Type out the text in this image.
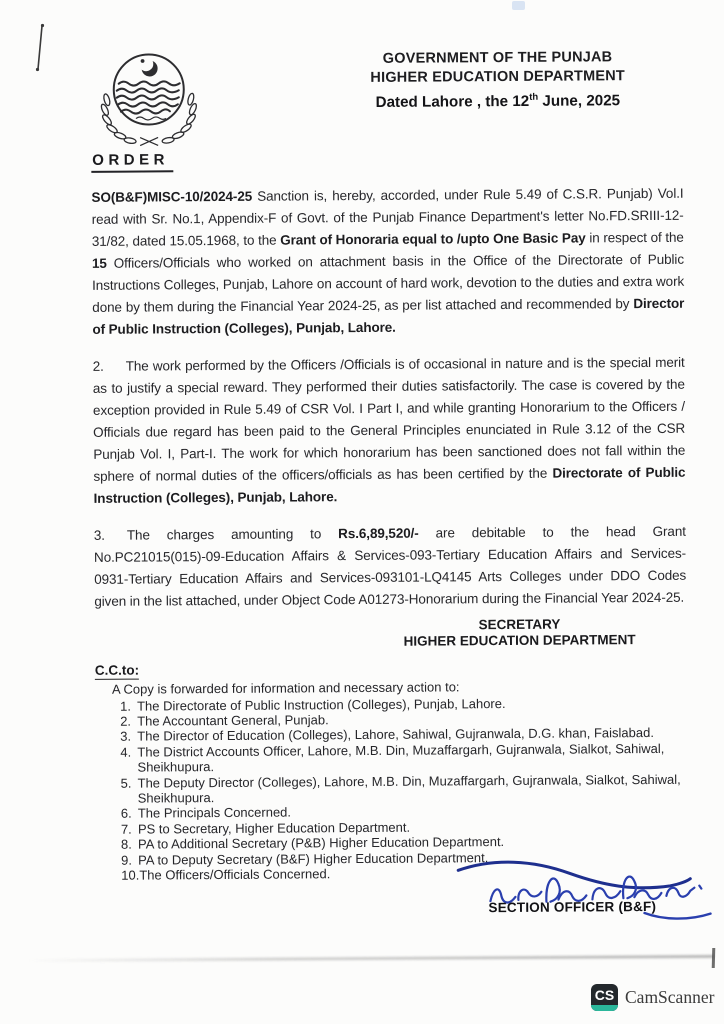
GOVERNMENT OF THE PUNJAB
HIGHER EDUCATION DEPARTMENT
Dated Lahore , the 12th June, 2025
ORDER
SO(B&F)MISC-10/2024-25 Sanction is, hereby, accorded, under Rule 5.49 of C.S.R. Punjab) Vol.I read with Sr. No.1, Appendix-F of Govt. of the Punjab Finance Department's letter No.FD.SRIII-12-31/82, dated 15.05.1968, to the Grant of Honoraria equal to /upto One Basic Pay in respect of the 15 Officers/Officials who worked on attachment basis in the Office of the Directorate of Public Instructions Colleges, Punjab, Lahore on account of hard work, devotion to the duties and extra work done by them during the Financial Year 2024-25, as per list attached and recommended by Director of Public Instruction (Colleges), Punjab, Lahore.
2. The work performed by the Officers /Officials is of occasional in nature and is the special merit as to justify a special reward. They performed their duties satisfactorily. The case is covered by the exception provided in Rule 5.49 of CSR Vol. I Part I, and while granting Honorarium to the Officers / Officials due regard has been paid to the General Principles enunciated in Rule 3.12 of the CSR Punjab Vol. I, Part-I. The work for which honorarium has been sanctioned does not fall within the sphere of normal duties of the officers/officials as has been certified by the Directorate of Public Instruction (Colleges), Punjab, Lahore.
3. The charges amounting to Rs.6,89,520/- are debitable to the head Grant No.PC21015(015)-09-Education Affairs & Services-093-Tertiary Education Affairs and Services-0931-Tertiary Education Affairs and Services-093101-LQ4145 Arts Colleges under DDO Codes given in the list attached, under Object Code A01273-Honorarium during the Financial Year 2024-25.
SECRETARY
HIGHER EDUCATION DEPARTMENT
C.C.to:
A Copy is forwarded for information and necessary action to:
1. The Directorate of Public Instruction (Colleges), Punjab, Lahore.
2. The Accountant General, Punjab.
3. The Director of Education (Colleges), Lahore, Sahiwal, Gujranwala, D.G. khan, Faislabad.
4. The District Accounts Officer, Lahore, M.B. Din, Muzaffargarh, Gujranwala, Sialkot, Sahiwal, Sheikhupura.
5. The Deputy Director (Colleges), Lahore, M.B. Din, Muzaffargarh, Gujranwala, Sialkot, Sahiwal, Sheikhupura.
6. The Principals Concerned.
7. PS to Secretary, Higher Education Department.
8. PA to Additional Secretary (P&B) Higher Education Department.
9. PA to Deputy Secretary (B&F) Higher Education Department.
10. The Officers/Officials Concerned.
SECTION OFFICER (B&F)
CS CamScanner
